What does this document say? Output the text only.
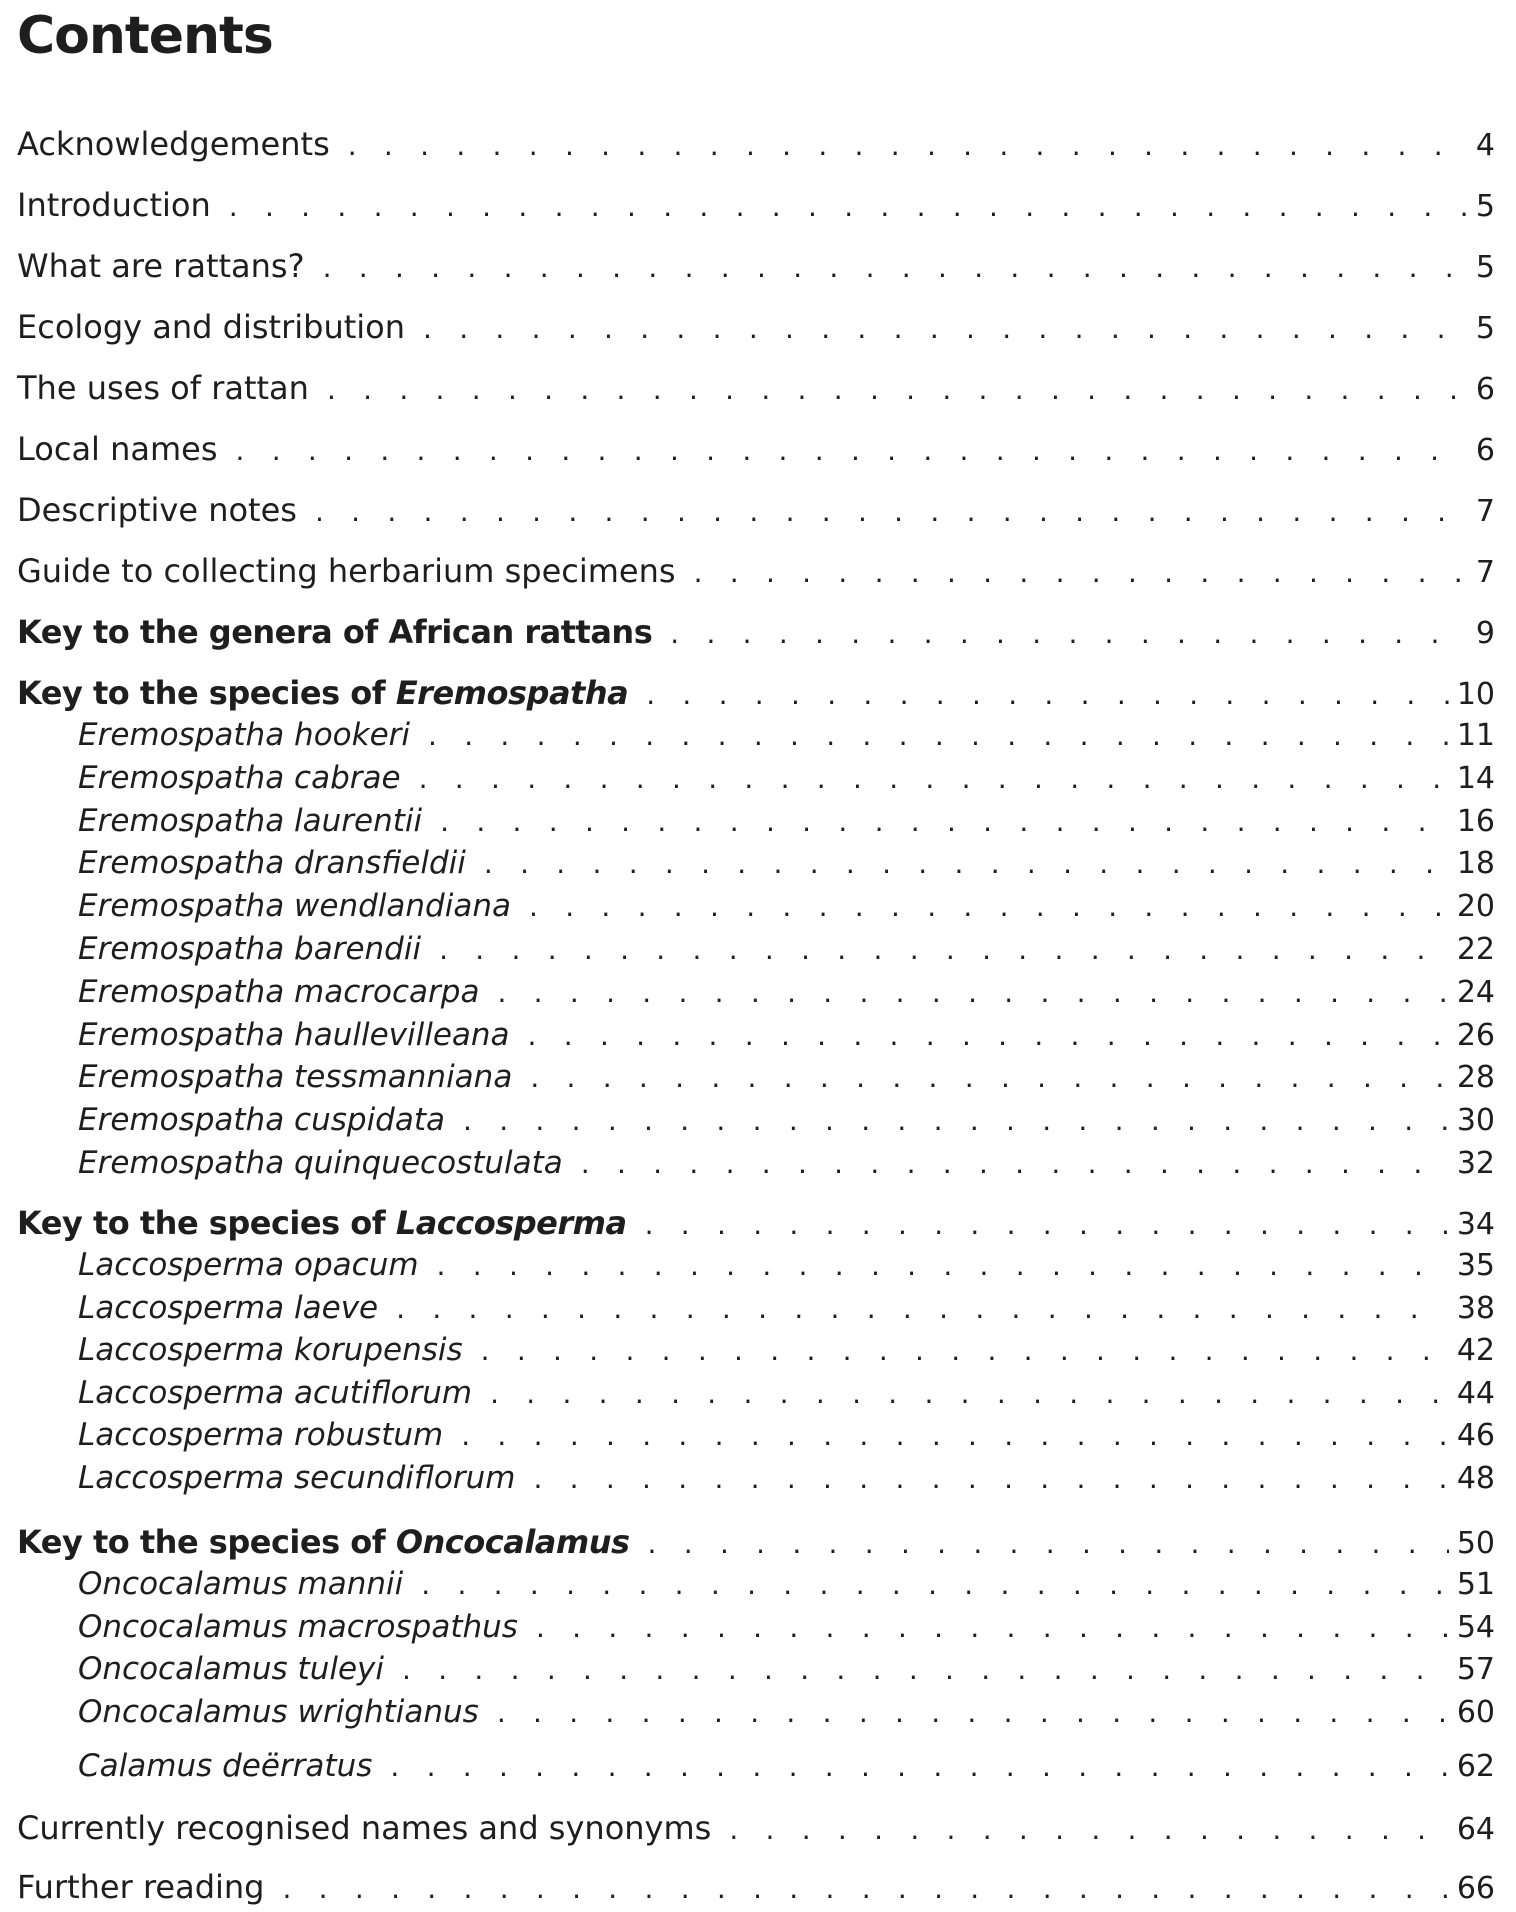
Contents
Acknowledgements . . .	4
Introduction . . .	5
What are rattans? . . .	5
Ecology and distribution . . .	5
The uses of rattan . . .	6
Local names . . .	6
Descriptive notes . . .	7
Guide to collecting herbarium specimens . . .	7
Key to the genera of African rattans . . .	9
Key to the species of Eremospatha . . .	10
Eremospatha hookeri . . .	11
Eremospatha cabrae . . .	14
Eremospatha laurentii . . .	16
Eremospatha dransfieldii . . .	18
Eremospatha wendlandiana . . .	20
Eremospatha barendii . . .	22
Eremospatha macrocarpa . . .	24
Eremospatha haullevilleana . . .	26
Eremospatha tessmanniana . . .	28
Eremospatha cuspidata . . .	30
Eremospatha quinquecostulata . . .	32
Key to the species of Laccosperma . . .	34
Laccosperma opacum . . .	35
Laccosperma laeve . . .	38
Laccosperma korupensis . . .	42
Laccosperma acutiflorum . . .	44
Laccosperma robustum . . .	46
Laccosperma secundiflorum . . .	48
Key to the species of Oncocalamus . . .	50
Oncocalamus mannii . . .	51
Oncocalamus macrospathus . . .	54
Oncocalamus tuleyi . . .	57
Oncocalamus wrightianus . . .	60
Calamus deërratus . . .	62
Currently recognised names and synonyms . . .	64
Further reading . . .	66
